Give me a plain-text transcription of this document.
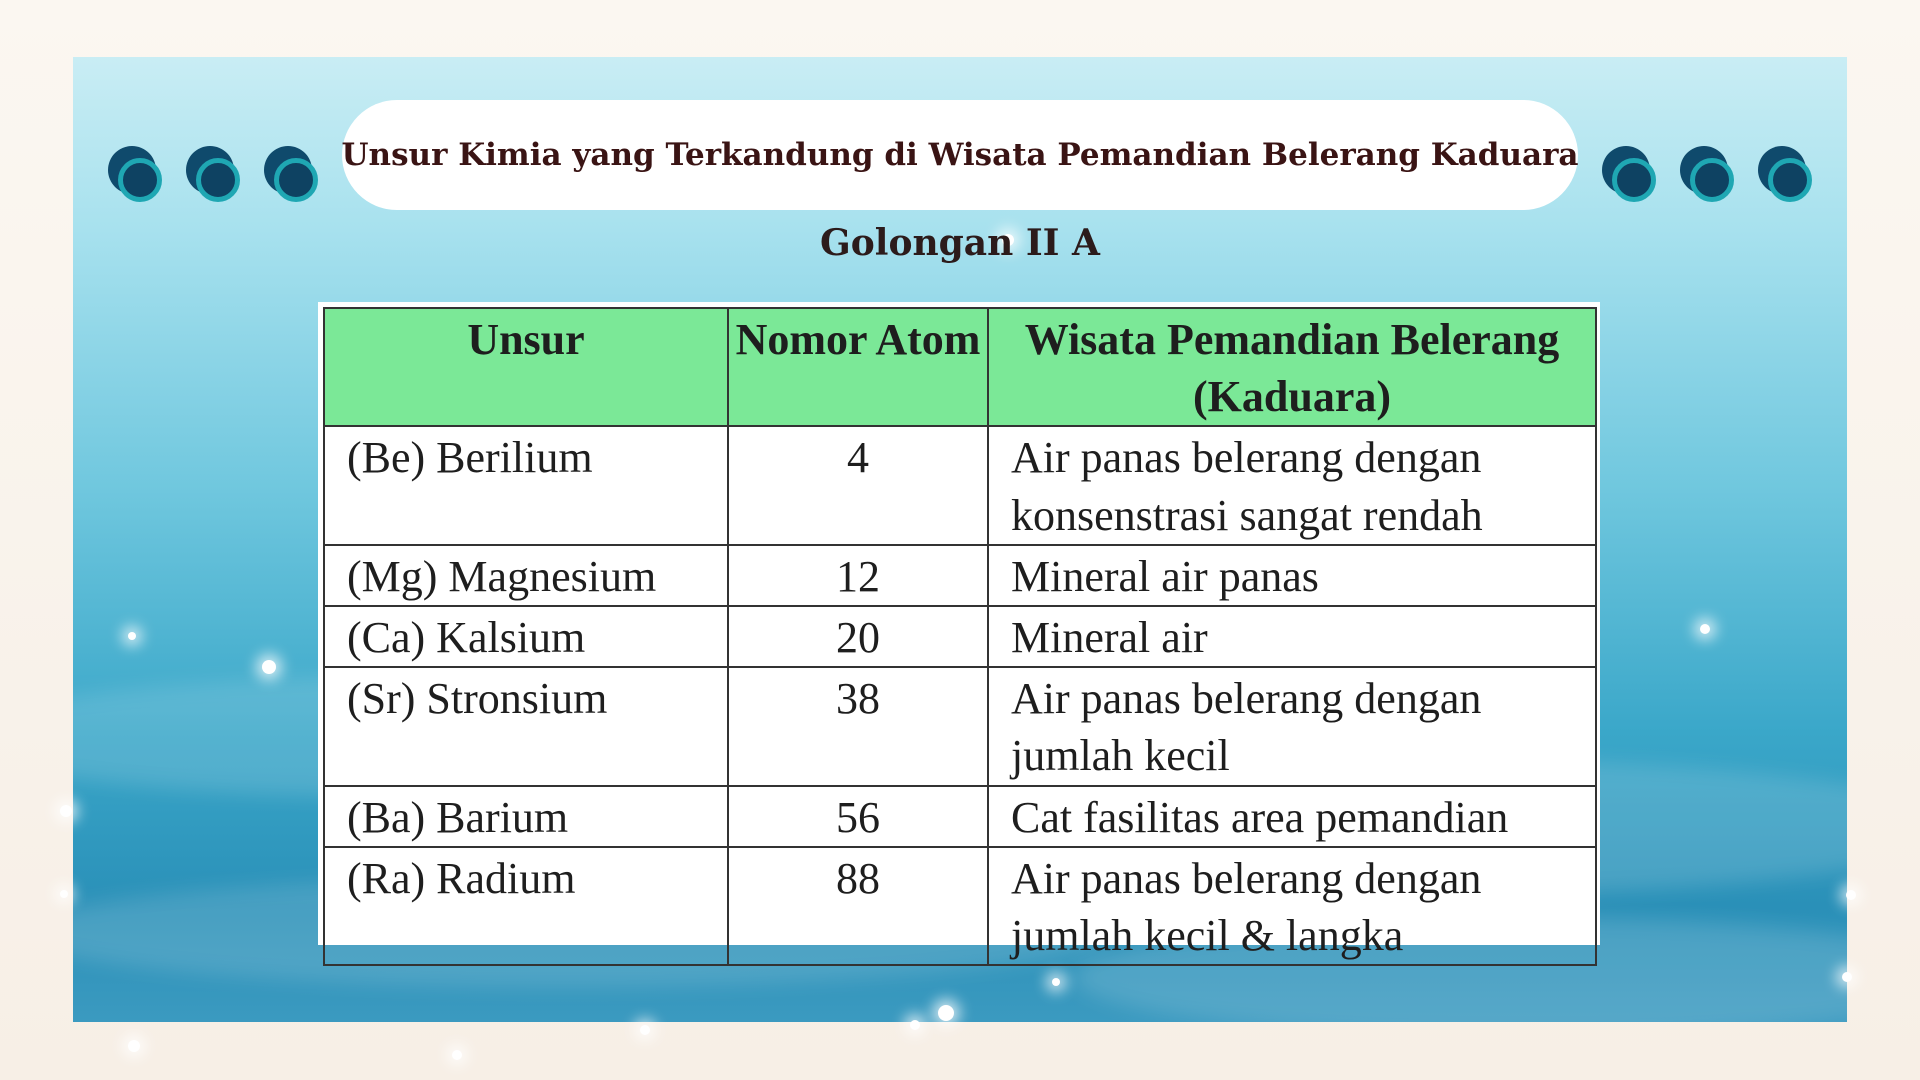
Unsur Kimia yang Terkandung di Wisata Pemandian Belerang Kaduara
Golongan II A
Unsur	Nomor Atom	Wisata Pemandian Belerang (Kaduara)
(Be) Berilium	4	Air panas belerang dengan
konsenstrasi sangat rendah
(Mg) Magnesium	12	Mineral air panas
(Ca) Kalsium	20	Mineral air
(Sr) Stronsium	38	Air panas belerang dengan
jumlah kecil
(Ba) Barium	56	Cat fasilitas area pemandian
(Ra) Radium	88	Air panas belerang dengan
jumlah kecil & langka
